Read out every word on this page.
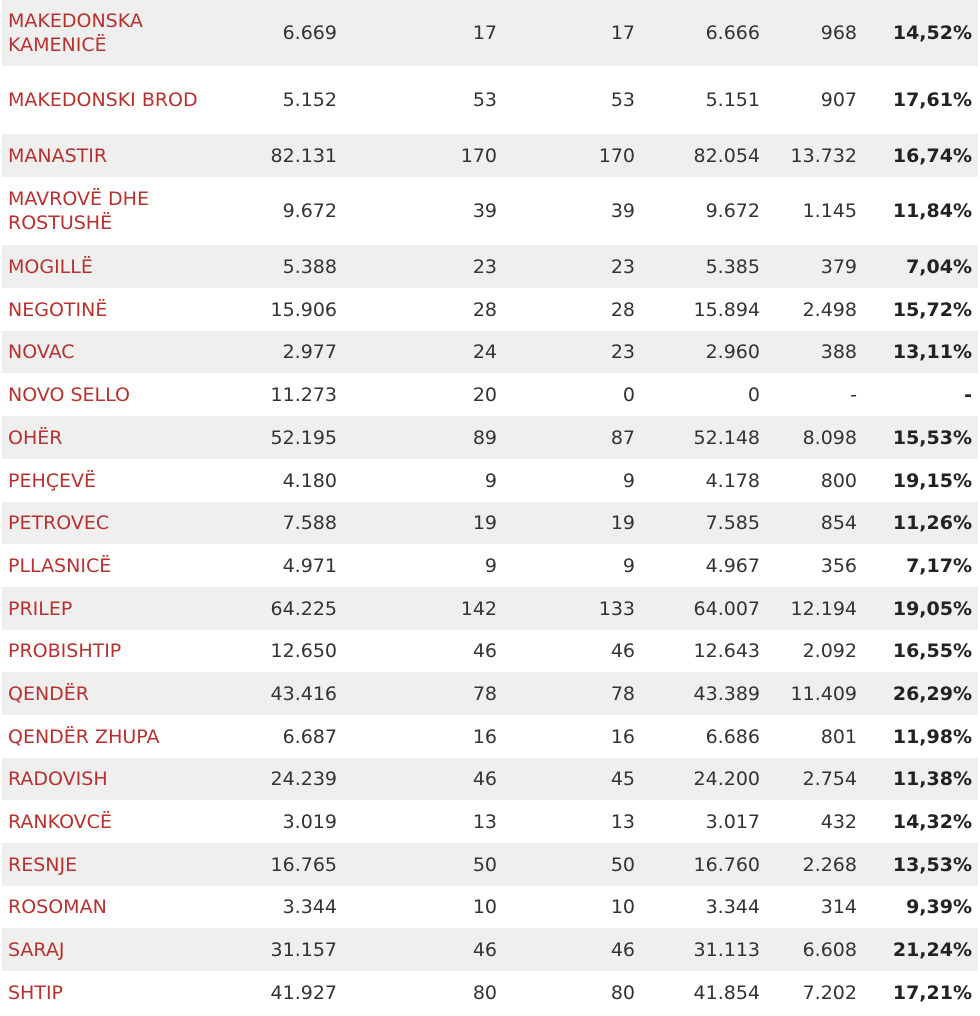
MAKEDONSKA KAMENICË	6.669	17	17	6.666	968	14,52%
MAKEDONSKI BROD	5.152	53	53	5.151	907	17,61%
MANASTIR	82.131	170	170	82.054	13.732	16,74%
MAVROVË DHE ROSTUSHË	9.672	39	39	9.672	1.145	11,84%
MOGILLË	5.388	23	23	5.385	379	7,04%
NEGOTINË	15.906	28	28	15.894	2.498	15,72%
NOVAC	2.977	24	23	2.960	388	13,11%
NOVO SELLO	11.273	20	0	0	-	-
OHËR	52.195	89	87	52.148	8.098	15,53%
PEHÇEVË	4.180	9	9	4.178	800	19,15%
PETROVEC	7.588	19	19	7.585	854	11,26%
PLLASNICË	4.971	9	9	4.967	356	7,17%
PRILEP	64.225	142	133	64.007	12.194	19,05%
PROBISHTIP	12.650	46	46	12.643	2.092	16,55%
QENDËR	43.416	78	78	43.389	11.409	26,29%
QENDËR ZHUPA	6.687	16	16	6.686	801	11,98%
RADOVISH	24.239	46	45	24.200	2.754	11,38%
RANKOVCË	3.019	13	13	3.017	432	14,32%
RESNJE	16.765	50	50	16.760	2.268	13,53%
ROSOMAN	3.344	10	10	3.344	314	9,39%
SARAJ	31.157	46	46	31.113	6.608	21,24%
SHTIP	41.927	80	80	41.854	7.202	17,21%
